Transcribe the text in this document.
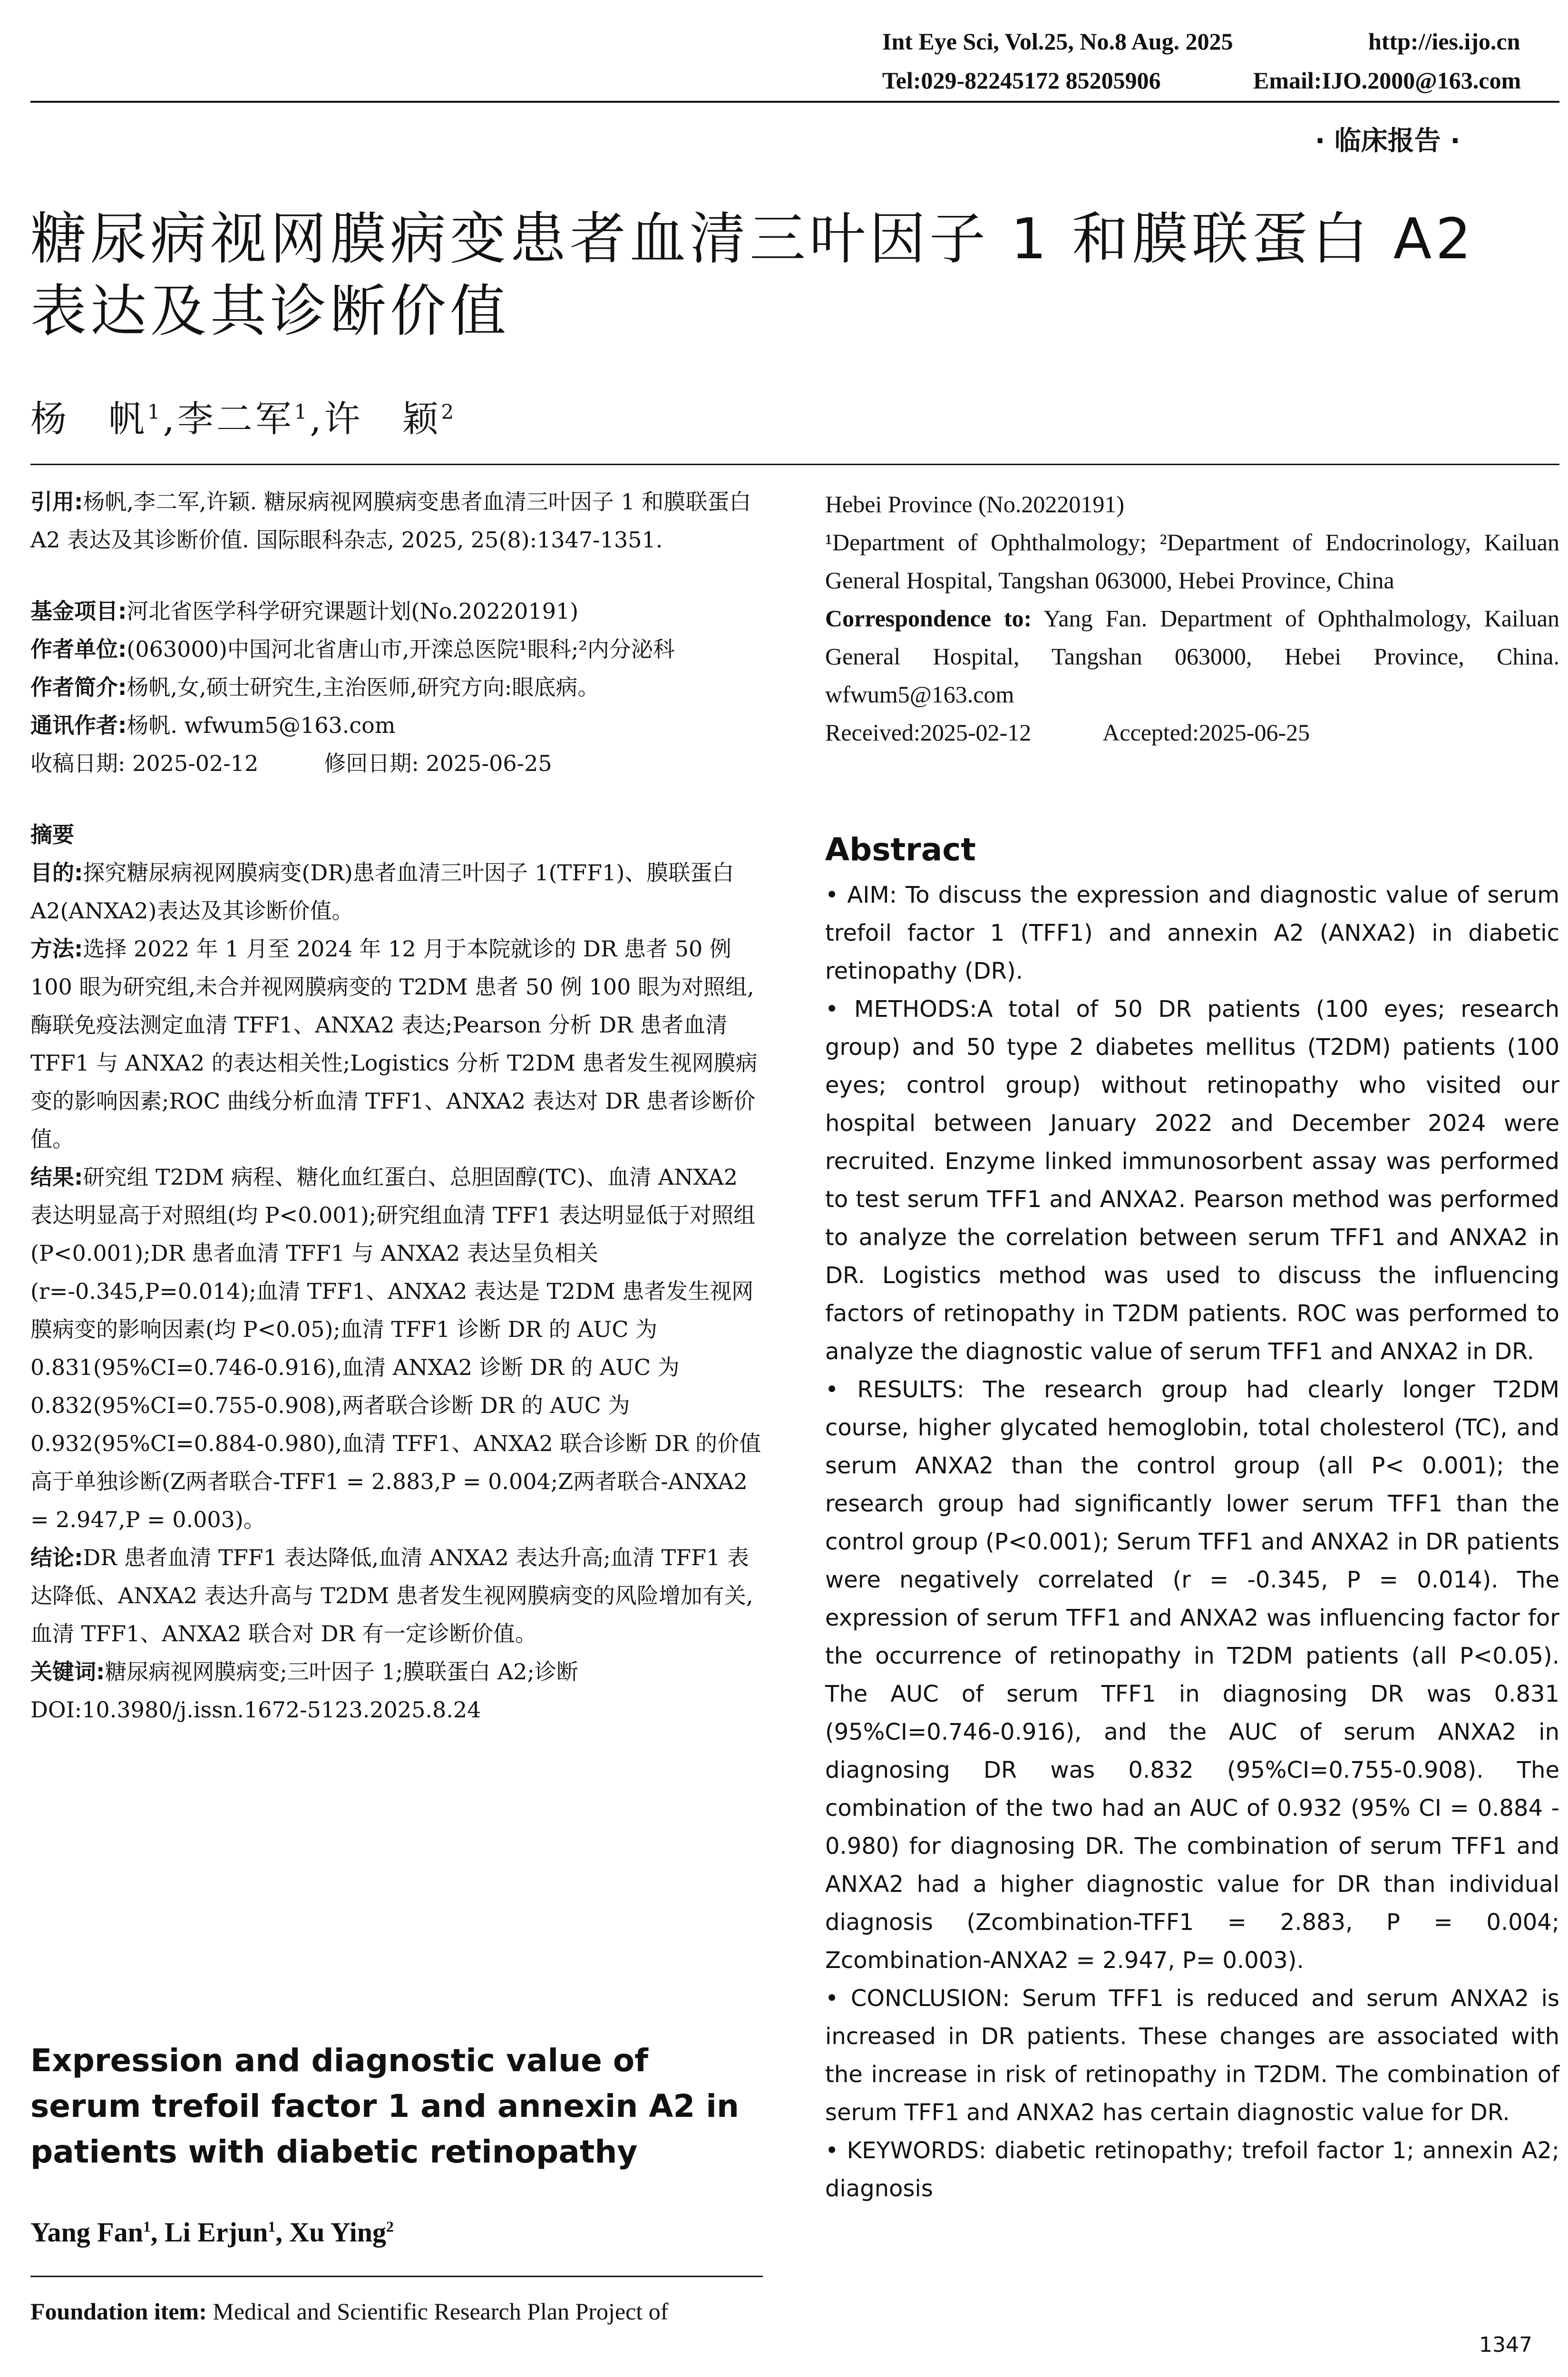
Int Eye Sci, Vol.25, No.8 Aug. 2025	http://ies.ijo.cn
Tel:029-82245172 85205906	Email:IJO.2000@163.com
· 临床报告 ·
糖尿病视网膜病变患者血清三叶因子 1 和膜联蛋白 A2 表达及其诊断价值
杨　帆$^1$,李二军$^1$,许　颖$^2$

引用:杨帆,李二军,许颖. 糖尿病视网膜病变患者血清三叶因子 1 和膜联蛋白 A2 表达及其诊断价值. 国际眼科杂志, 2025, 25(8):1347-1351.

基金项目:河北省医学科学研究课题计划(No.20220191)

作者单位:(063000)中国河北省唐山市,开滦总医院¹眼科;²内分泌科

作者简介:杨帆,女,硕士研究生,主治医师,研究方向:眼底病。

通讯作者:杨帆. wfwum5@163.com

收稿日期: 2025-02-12　　　修回日期: 2025-06-25

摘要

目的:探究糖尿病视网膜病变(DR)患者血清三叶因子 1(TFF1)、膜联蛋白 A2(ANXA2)表达及其诊断价值。

方法:选择 2022 年 1 月至 2024 年 12 月于本院就诊的 DR 患者 50 例 100 眼为研究组,未合并视网膜病变的 T2DM 患者 50 例 100 眼为对照组,酶联免疫法测定血清 TFF1、ANXA2 表达;Pearson 分析 DR 患者血清 TFF1 与 ANXA2 的表达相关性;Logistics 分析 T2DM 患者发生视网膜病变的影响因素;ROC 曲线分析血清 TFF1、ANXA2 表达对 DR 患者诊断价值。

结果:研究组 T2DM 病程、糖化血红蛋白、总胆固醇(TC)、血清 ANXA2 表达明显高于对照组(均 P<0.001);研究组血清 TFF1 表达明显低于对照组(P<0.001);DR 患者血清 TFF1 与 ANXA2 表达呈负相关(r=-0.345,P=0.014);血清 TFF1、ANXA2 表达是 T2DM 患者发生视网膜病变的影响因素(均 P<0.05);血清 TFF1 诊断 DR 的 AUC 为 0.831(95%CI=0.746-0.916),血清 ANXA2 诊断 DR 的 AUC 为 0.832(95%CI=0.755-0.908),两者联合诊断 DR 的 AUC 为0.932(95%CI=0.884-0.980),血清 TFF1、ANXA2 联合诊断 DR 的价值高于单独诊断(Z两者联合-TFF1 = 2.883,P = 0.004;Z两者联合-ANXA2 = 2.947,P = 0.003)。

结论:DR 患者血清 TFF1 表达降低,血清 ANXA2 表达升高;血清 TFF1 表达降低、ANXA2 表达升高与 T2DM 患者发生视网膜病变的风险增加有关,血清 TFF1、ANXA2 联合对 DR 有一定诊断价值。

关键词:糖尿病视网膜病变;三叶因子 1;膜联蛋白 A2;诊断

DOI:10.3980/j.issn.1672-5123.2025.8.24

Expression and diagnostic value of serum trefoil factor 1 and annexin A2 in patients with diabetic retinopathy
Yang Fan$^1$, Li Erjun$^1$, Xu Ying$^2$
Foundation item: Medical and Scientific Research Plan Project of

Hebei Province (No.20220191)

¹Department of Ophthalmology; ²Department of Endocrinology, Kailuan General Hospital, Tangshan 063000, Hebei Province, China

Correspondence to: Yang Fan. Department of Ophthalmology, Kailuan General Hospital, Tangshan 063000, Hebei Province, China. wfwum5@163.com

Received:2025-02-12　　　Accepted:2025-06-25

Abstract

• AIM: To discuss the expression and diagnostic value of serum trefoil factor 1 (TFF1) and annexin A2 (ANXA2) in diabetic retinopathy (DR).

• METHODS:A total of 50 DR patients (100 eyes; research group) and 50 type 2 diabetes mellitus (T2DM) patients (100 eyes; control group) without retinopathy who visited our hospital between January 2022 and December 2024 were recruited. Enzyme linked immunosorbent assay was performed to test serum TFF1 and ANXA2. Pearson method was performed to analyze the correlation between serum TFF1 and ANXA2 in DR. Logistics method was used to discuss the influencing factors of retinopathy in T2DM patients. ROC was performed to analyze the diagnostic value of serum TFF1 and ANXA2 in DR.

• RESULTS: The research group had clearly longer T2DM course, higher glycated hemoglobin, total cholesterol (TC), and serum ANXA2 than the control group (all P< 0.001); the research group had significantly lower serum TFF1 than the control group (P<0.001); Serum TFF1 and ANXA2 in DR patients were negatively correlated (r = -0.345, P = 0.014). The expression of serum TFF1 and ANXA2 was influencing factor for the occurrence of retinopathy in T2DM patients (all P<0.05). The AUC of serum TFF1 in diagnosing DR was 0.831 (95%CI=0.746-0.916), and the AUC of serum ANXA2 in diagnosing DR was 0.832 (95%CI=0.755-0.908). The combination of the two had an AUC of 0.932 (95% CI = 0.884 - 0.980) for diagnosing DR. The combination of serum TFF1 and ANXA2 had a higher diagnostic value for DR than individual diagnosis (Zcombination-TFF1 = 2.883, P = 0.004; Zcombination-ANXA2 = 2.947, P= 0.003).

• CONCLUSION: Serum TFF1 is reduced and serum ANXA2 is increased in DR patients. These changes are associated with the increase in risk of retinopathy in T2DM. The combination of serum TFF1 and ANXA2 has certain diagnostic value for DR.

• KEYWORDS: diabetic retinopathy; trefoil factor 1; annexin A2; diagnosis

1347
